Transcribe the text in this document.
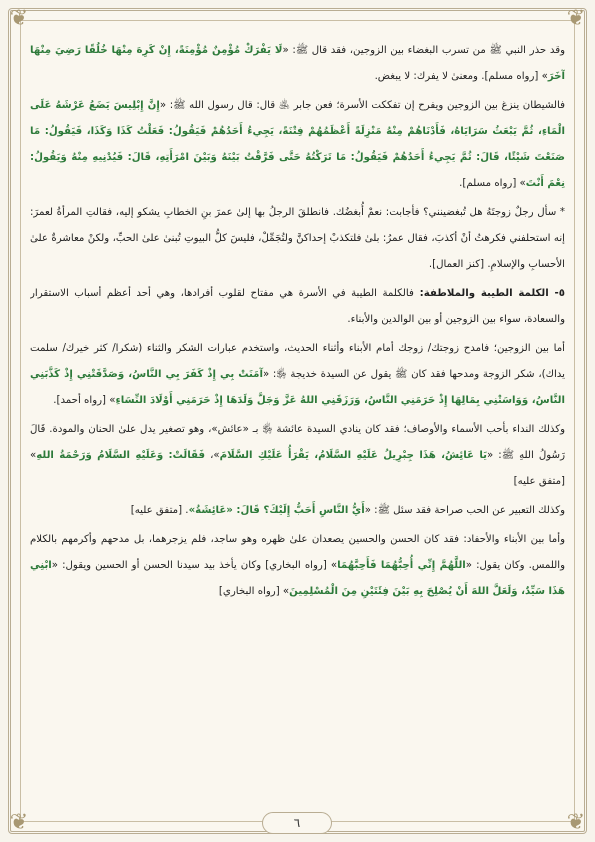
❦	❦
❦	❦

وقد حذر النبي ﷺ من تسرب البغضاء بين الزوجين، فقد قال ﷺ: «لَا يَفْرَكْ مُؤْمِنٌ مُؤْمِنَةً، إِنْ كَرِهَ مِنْهَا خُلُقًا رَضِيَ مِنْهَا آخَرَ» [رواه مسلم]. ومعنىٰ لا يفرك: لا يبغض.

فالشيطان ينزغ بين الزوجين ويفرح إن تفككت الأسرة؛ فعن جابر ﵁ قال: قال رسول الله ﷺ: «إِنَّ إِبْلِيسَ يَضَعُ عَرْشَهُ عَلَى الْمَاءِ، ثُمَّ يَبْعَثُ سَرَايَاهُ، فَأَدْنَاهُمْ مِنْهُ مَنْزِلَةً أَعْظَمُهُمْ فِتْنَةً، يَجِيءُ أَحَدُهُمْ فَيَقُولُ: فَعَلْتُ كَذَا وَكَذَا، فَيَقُولُ: مَا صَنَعْتَ شَيْئًا، قَالَ: ثُمَّ يَجِيءُ أَحَدُهُمْ فَيَقُولُ: مَا تَرَكْتُهُ حَتَّى فَرَّقْتُ بَيْنَهُ وَبَيْنَ امْرَأَتِهِ، قَالَ: فَيُدْنِيهِ مِنْهُ وَيَقُولُ: نِعْمَ أَنْتَ» [رواه مسلم].

* سأل رجلٌ زوجتَهُ هل تُبغضينني؟ فأجابت: نعمْ أُبغضُك. فانطلقَ الرجلُ بها إلىٰ عمرَ بنِ الخطابِ يشكو إليه، فقالتِ المرأةُ لعمرَ: إنه استحلفني فكرهتُ أنْ أكذبَ، فقال عمرُ: بلىٰ فلتكذبْ إحداكنَّ ولتُجَمِّلْ، فليسَ كلُّ البيوتِ تُبنىٰ علىٰ الحبِّ، ولكنْ معاشرةٌ علىٰ الأحسابِ والإسلامِ. [كنز العمال].

٥- الكلمة الطيبة والملاطفة: فالكلمة الطيبة في الأسرة هي مفتاح لقلوب أفرادها، وهي أحد أعظم أسباب الاستقرار والسعادة، سواء بين الزوجين أو بين الوالدين والأبناء.

أما بين الزوجين؛ فامدح زوجتك/ زوجك أمام الأبناء وأثناء الحديث، واستخدم عبارات الشكر والثناء (شكرا/ كثر خيرك/ سلمت يداك)، شكر الزوجة ومدحها فقد كان ﷺ يقول عن السيدة خديجة ﵂: «آمَنَتْ بِي إِذْ كَفَرَ بِي النَّاسُ، وَصَدَّقَتْنِي إِذْ كَذَّبَنِي النَّاسُ، وَوَاسَتْنِي بِمَالِهَا إِذْ حَرَمَنِي النَّاسُ، وَرَزَقَنِي اللهُ عَزَّ وَجَلَّ وَلَدَهَا إِذْ حَرَمَنِي أَوْلَادَ النِّسَاءِ» [رواه أحمد].

وكذلك النداء بأحب الأسماء والأوصاف؛ فقد كان ينادي السيدة عائشة ﵂ بـ «عائش»، وهو تصغير يدل علىٰ الحنان والمودة. قَالَ رَسُولُ اللهِ ﷺ: «يَا عَائِشُ، هَذَا جِبْرِيلُ عَلَيْهِ السَّلَامُ، يَقْرَأُ عَلَيْكِ السَّلَامَ»، فَقَالَتْ: وَعَلَيْهِ السَّلَامُ وَرَحْمَةُ اللهِ» [متفق عليه]

وكذلك التعبير عن الحب صراحة فقد سئل ﷺ: «أَيُّ النَّاسِ أَحَبُّ إِلَيْكَ؟ قَالَ: «عَائِشَةُ». [متفق عليه]

وأما بين الأبناء والأحفاد: فقد كان الحسن والحسين يصعدان علىٰ ظهره وهو ساجد، فلم يزجرهما، بل مدحهم وأكرمهم بالكلام واللمس. وكان يقول: «اللَّهُمَّ إِنِّي أُحِبُّهُمَا فَأَحِبَّهُمَا» [رواه البخاري] وكان يأخذ بيد سيدنا الحسن أو الحسين ويقول: «ابْنِي هَذَا سَيِّدٌ، وَلَعَلَّ اللهَ أَنْ يُصْلِحَ بِهِ بَيْنَ فِئَتَيْنِ مِنَ الْمُسْلِمِينَ» [رواه البخاري]

٦
